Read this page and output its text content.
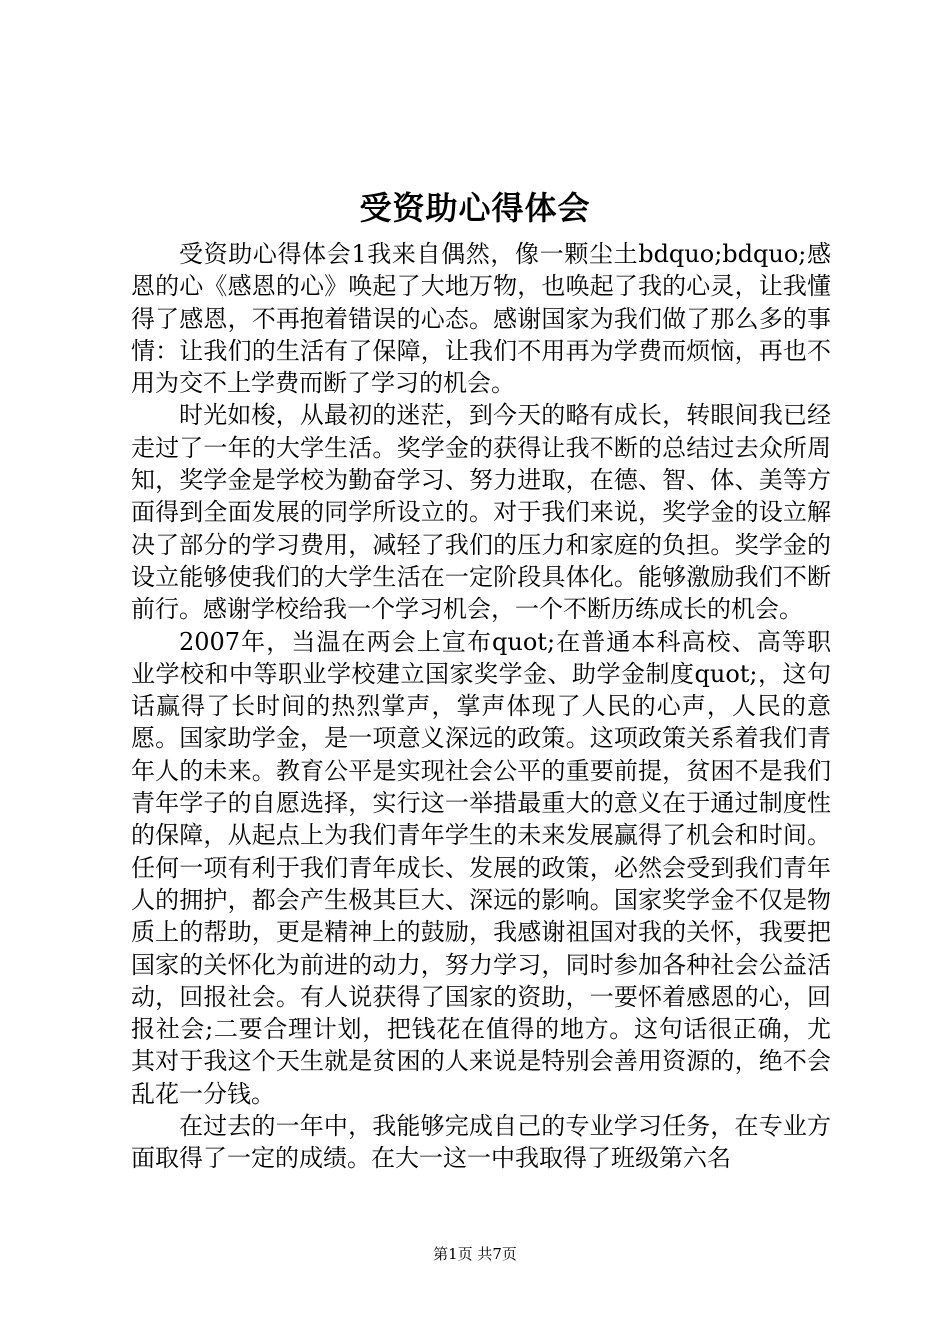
受资助心得体会

受资助心得体会1我来自偶然，像一颗尘土bdquo;bdquo;感恩的心《感恩的心》唤起了大地万物，也唤起了我的心灵，让我懂得了感恩，不再抱着错误的心态。感谢国家为我们做了那么多的事情：让我们的生活有了保障，让我们不用再为学费而烦恼，再也不用为交不上学费而断了学习的机会。

时光如梭，从最初的迷茫，到今天的略有成长，转眼间我已经走过了一年的大学生活。奖学金的获得让我不断的总结过去众所周知，奖学金是学校为勤奋学习、努力进取，在德、智、体、美等方面得到全面发展的同学所设立的。对于我们来说，奖学金的设立解决了部分的学习费用，减轻了我们的压力和家庭的负担。奖学金的设立能够使我们的大学生活在一定阶段具体化。能够激励我们不断前行。感谢学校给我一个学习机会，一个不断历练成长的机会。

2007年，当温在两会上宣布quot;在普通本科高校、高等职业学校和中等职业学校建立国家奖学金、助学金制度quot;，这句话赢得了长时间的热烈掌声，掌声体现了人民的心声，人民的意愿。国家助学金，是一项意义深远的政策。这项政策关系着我们青年人的未来。教育公平是实现社会公平的重要前提，贫困不是我们青年学子的自愿选择，实行这一举措最重大的意义在于通过制度性的保障，从起点上为我们青年学生的未来发展赢得了机会和时间。任何一项有利于我们青年成长、发展的政策，必然会受到我们青年人的拥护，都会产生极其巨大、深远的影响。国家奖学金不仅是物质上的帮助，更是精神上的鼓励，我感谢祖国对我的关怀，我要把国家的关怀化为前进的动力，努力学习，同时参加各种社会公益活动，回报社会。有人说获得了国家的资助，一要怀着感恩的心，回报社会;二要合理计划，把钱花在值得的地方。这句话很正确，尤其对于我这个天生就是贫困的人来说是特别会善用资源的，绝不会乱花一分钱。

在过去的一年中，我能够完成自己的专业学习任务，在专业方面取得了一定的成绩。在大一这一中我取得了班级第六名

第1页 共7页
